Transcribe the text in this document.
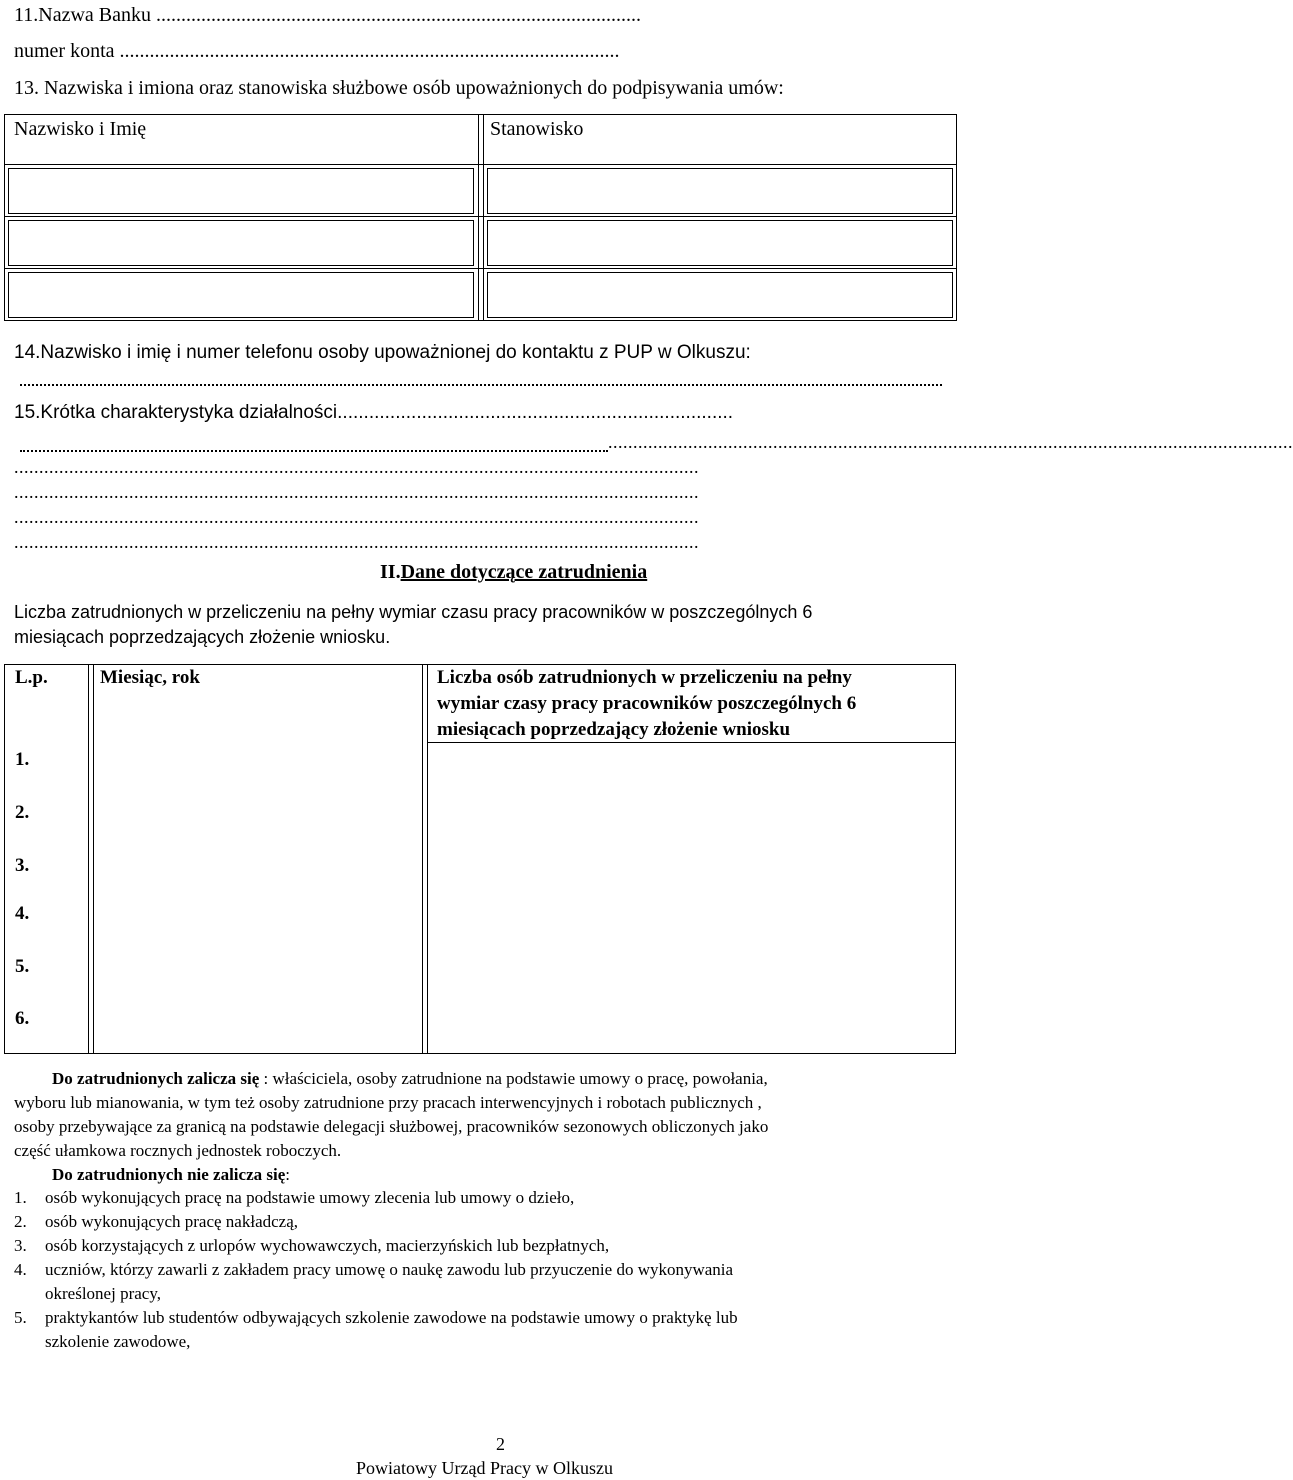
11.Nazwa Banku .................................................................................................
numer konta ....................................................................................................
13. Nazwiska i imiona oraz stanowiska służbowe osób upoważnionych do podpisywania umów:
Nazwisko i Imię	Stanowisko
14.Nazwisko i imię i numer telefonu osoby upoważnionej do kontaktu z PUP w Olkuszu:
15.Krótka charakterystyka działalności...........................................................................
.........................................................................................................................................
.........................................................................................................................................
.........................................................................................................................................
.........................................................................................................................................
.........................................................................................................................................
II.Dane dotyczące zatrudnienia
Liczba zatrudnionych w przeliczeniu na pełny wymiar czasu pracy pracowników w poszczególnych 6
miesiącach poprzedzających złożenie wniosku.
L.p.	Miesiąc, rok	Liczba osób zatrudnionych w przeliczeniu na pełny
wymiar czasy pracy pracowników poszczególnych 6
miesiącach poprzedzający złożenie wniosku
1.
2.
3.
4.
5.
6.
Do zatrudnionych zalicza się : właściciela, osoby zatrudnione na podstawie umowy o pracę, powołania,
wyboru lub mianowania, w tym też osoby zatrudnione przy pracach interwencyjnych i robotach publicznych ,
osoby przebywające za granicą na podstawie delegacji służbowej, pracowników sezonowych obliczonych jako
część ułamkowa rocznych jednostek roboczych.
Do zatrudnionych nie zalicza się:
1. osób wykonujących pracę na podstawie umowy zlecenia lub umowy o dzieło,
2. osób wykonujących pracę nakładczą,
3. osób korzystających z urlopów wychowawczych, macierzyńskich lub bezpłatnych,
4. uczniów, którzy zawarli z zakładem pracy umowę o naukę zawodu lub przyuczenie do wykonywania
określonej pracy,
5. praktykantów lub studentów odbywających szkolenie zawodowe na podstawie umowy o praktykę lub
szkolenie zawodowe,
2
Powiatowy Urząd Pracy w Olkuszu
